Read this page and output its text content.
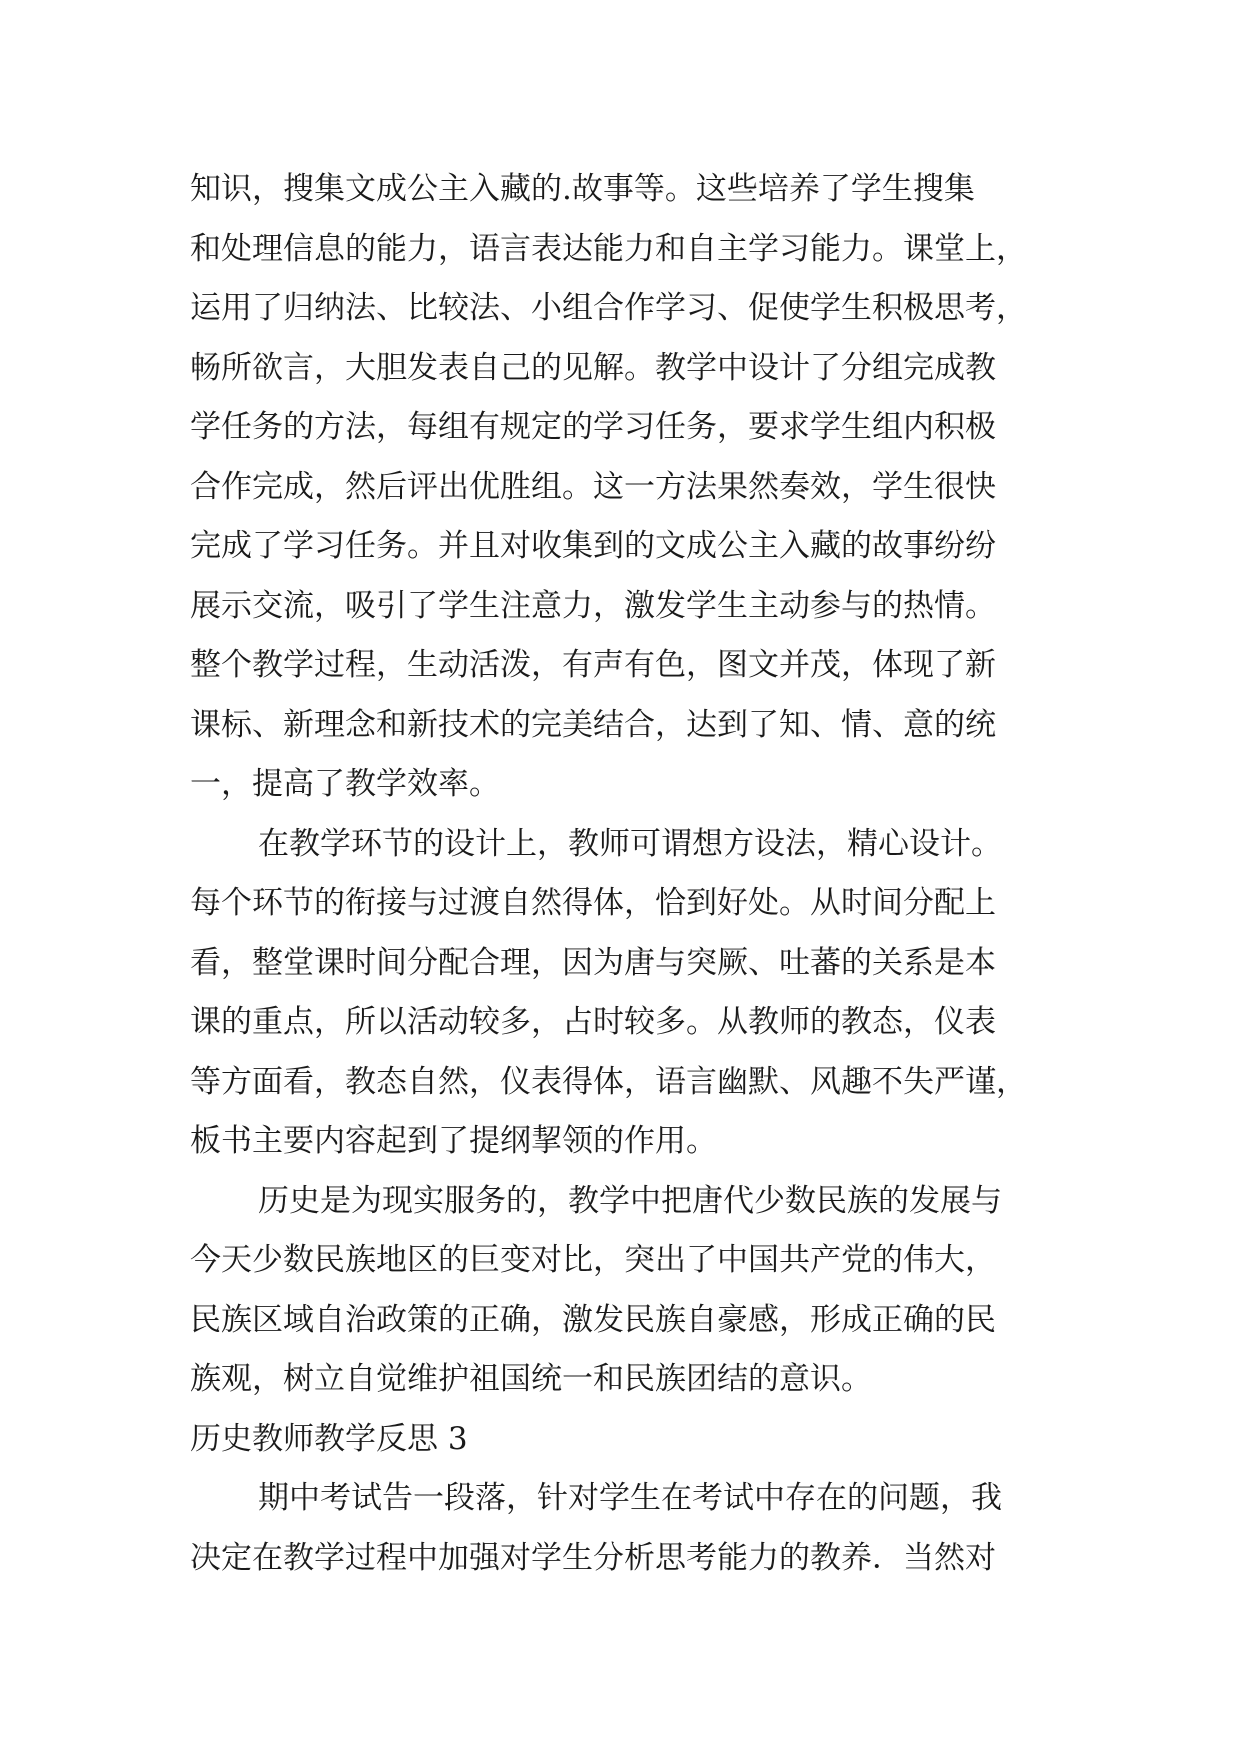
知识，搜集文成公主入藏的.故事等。这些培养了学生搜集
和处理信息的能力，语言表达能力和自主学习能力。课堂上，
运用了归纳法、比较法、小组合作学习、促使学生积极思考，
畅所欲言，大胆发表自己的见解。教学中设计了分组完成教
学任务的方法，每组有规定的学习任务，要求学生组内积极
合作完成，然后评出优胜组。这一方法果然奏效，学生很快
完成了学习任务。并且对收集到的文成公主入藏的故事纷纷
展示交流，吸引了学生注意力，激发学生主动参与的热情。
整个教学过程，生动活泼，有声有色，图文并茂，体现了新
课标、新理念和新技术的完美结合，达到了知、情、意的统
一，提高了教学效率。
在教学环节的设计上，教师可谓想方设法，精心设计。
每个环节的衔接与过渡自然得体，恰到好处。从时间分配上
看，整堂课时间分配合理，因为唐与突厥、吐蕃的关系是本
课的重点，所以活动较多，占时较多。从教师的教态，仪表
等方面看，教态自然，仪表得体，语言幽默、风趣不失严谨，
板书主要内容起到了提纲挈领的作用。
历史是为现实服务的，教学中把唐代少数民族的发展与
今天少数民族地区的巨变对比，突出了中国共产党的伟大，
民族区域自治政策的正确，激发民族自豪感，形成正确的民
族观，树立自觉维护祖国统一和民族团结的意识。
历史教师教学反思 3
期中考试告一段落，针对学生在考试中存在的问题，我
决定在教学过程中加强对学生分析思考能力的教养．当然对
